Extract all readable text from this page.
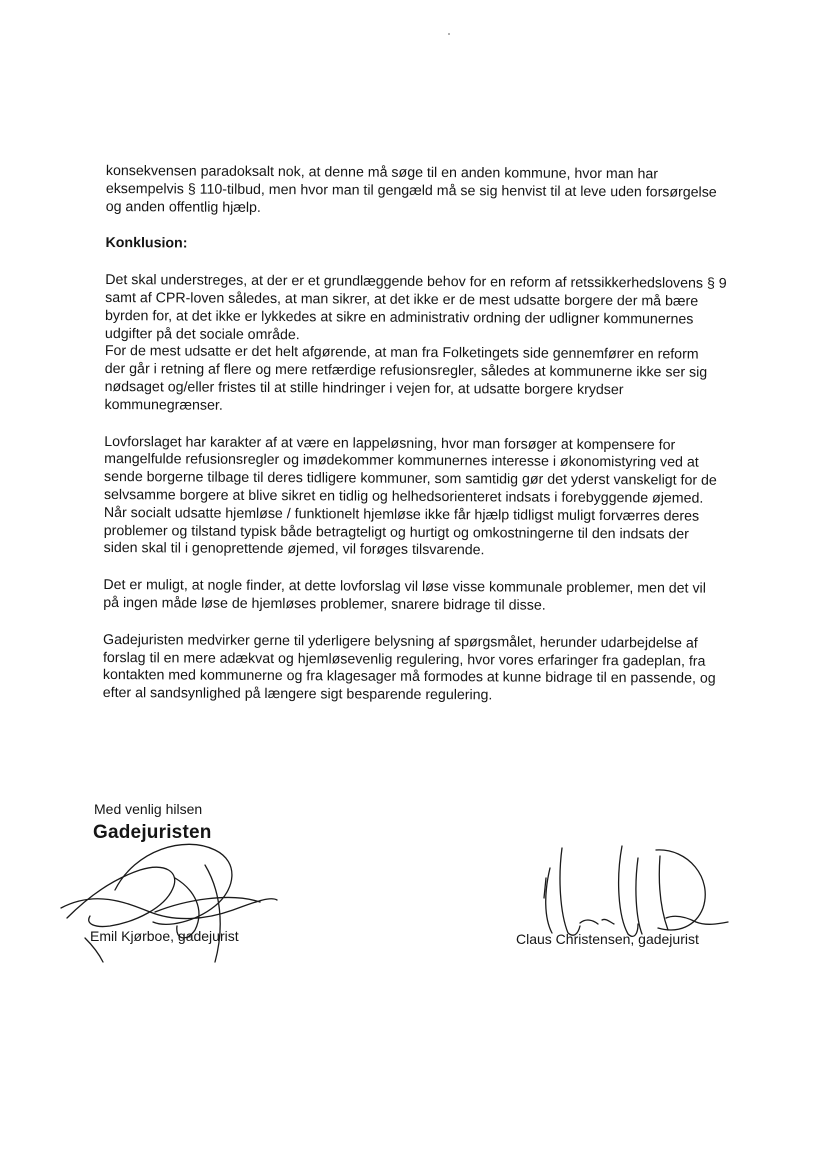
konsekvensen paradoksalt nok, at denne må søge til en anden kommune, hvor man har
eksempelvis § 110-tilbud, men hvor man til gengæld må se sig henvist til at leve uden forsørgelse
og anden offentlig hjælp.

Konklusion:

Det skal understreges, at der er et grundlæggende behov for en reform af retssikkerhedslovens § 9
samt af CPR-loven således, at man sikrer, at det ikke er de mest udsatte borgere der må bære
byrden for, at det ikke er lykkedes at sikre en administrativ ordning der udligner kommunernes
udgifter på det sociale område.
For de mest udsatte er det helt afgørende, at man fra Folketingets side gennemfører en reform
der går i retning af flere og mere retfærdige refusionsregler, således at kommunerne ikke ser sig
nødsaget og/eller fristes til at stille hindringer i vejen for, at udsatte borgere krydser
kommunegrænser.

Lovforslaget har karakter af at være en lappeløsning, hvor man forsøger at kompensere for
mangelfulde refusionsregler og imødekommer kommunernes interesse i økonomistyring ved at
sende borgerne tilbage til deres tidligere kommuner, som samtidig gør det yderst vanskeligt for de
selvsamme borgere at blive sikret en tidlig og helhedsorienteret indsats i forebyggende øjemed.
Når socialt udsatte hjemløse / funktionelt hjemløse ikke får hjælp tidligst muligt forværres deres
problemer og tilstand typisk både betragteligt og hurtigt og omkostningerne til den indsats der
siden skal til i genoprettende øjemed, vil forøges tilsvarende.

Det er muligt, at nogle finder, at dette lovforslag vil løse visse kommunale problemer, men det vil
på ingen måde løse de hjemløses problemer, snarere bidrage til disse.

Gadejuristen medvirker gerne til yderligere belysning af spørgsmålet, herunder udarbejdelse af
forslag til en mere adækvat og hjemløsevenlig regulering, hvor vores erfaringer fra gadeplan, fra
kontakten med kommunerne og fra klagesager må formodes at kunne bidrage til en passende, og
efter al sandsynlighed på længere sigt besparende regulering.

Med venlig hilsen
Gadejuristen
Emil Kjørboe, gadejurist	Claus Christensen, gadejurist
